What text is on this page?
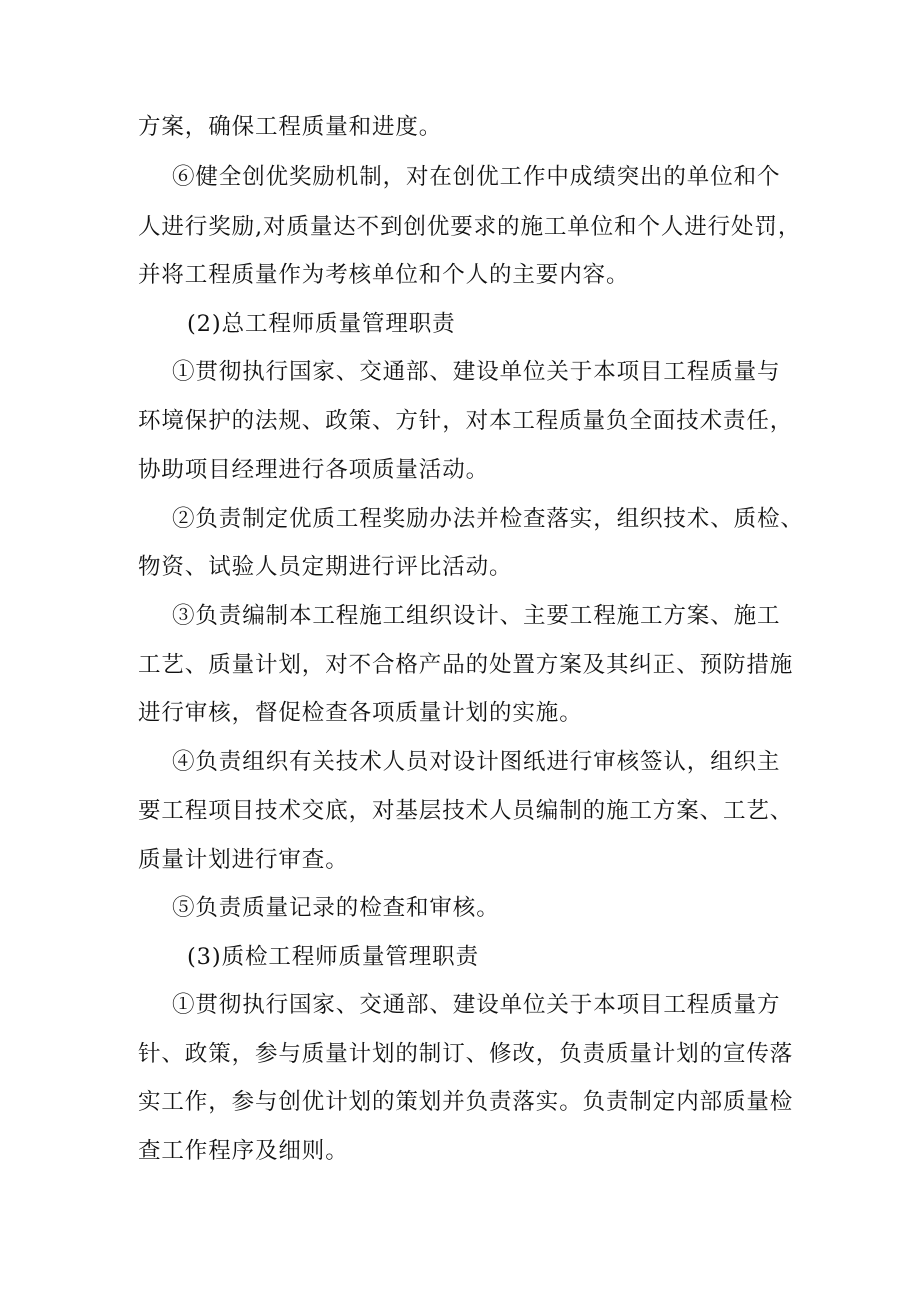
方案，确保工程质量和进度。
⑥健全创优奖励机制，对在创优工作中成绩突出的单位和个
人进行奖励,对质量达不到创优要求的施工单位和个人进行处罚，
并将工程质量作为考核单位和个人的主要内容。
(2)总工程师质量管理职责
①贯彻执行国家、交通部、建设单位关于本项目工程质量与
环境保护的法规、政策、方针，对本工程质量负全面技术责任，
协助项目经理进行各项质量活动。
②负责制定优质工程奖励办法并检查落实，组织技术、质检、
物资、试验人员定期进行评比活动。
③负责编制本工程施工组织设计、主要工程施工方案、施工
工艺、质量计划，对不合格产品的处置方案及其纠正、预防措施
进行审核，督促检查各项质量计划的实施。
④负责组织有关技术人员对设计图纸进行审核签认，组织主
要工程项目技术交底，对基层技术人员编制的施工方案、工艺、
质量计划进行审查。
⑤负责质量记录的检查和审核。
(3)质检工程师质量管理职责
①贯彻执行国家、交通部、建设单位关于本项目工程质量方
针、政策，参与质量计划的制订、修改，负责质量计划的宣传落
实工作，参与创优计划的策划并负责落实。负责制定内部质量检
查工作程序及细则。
